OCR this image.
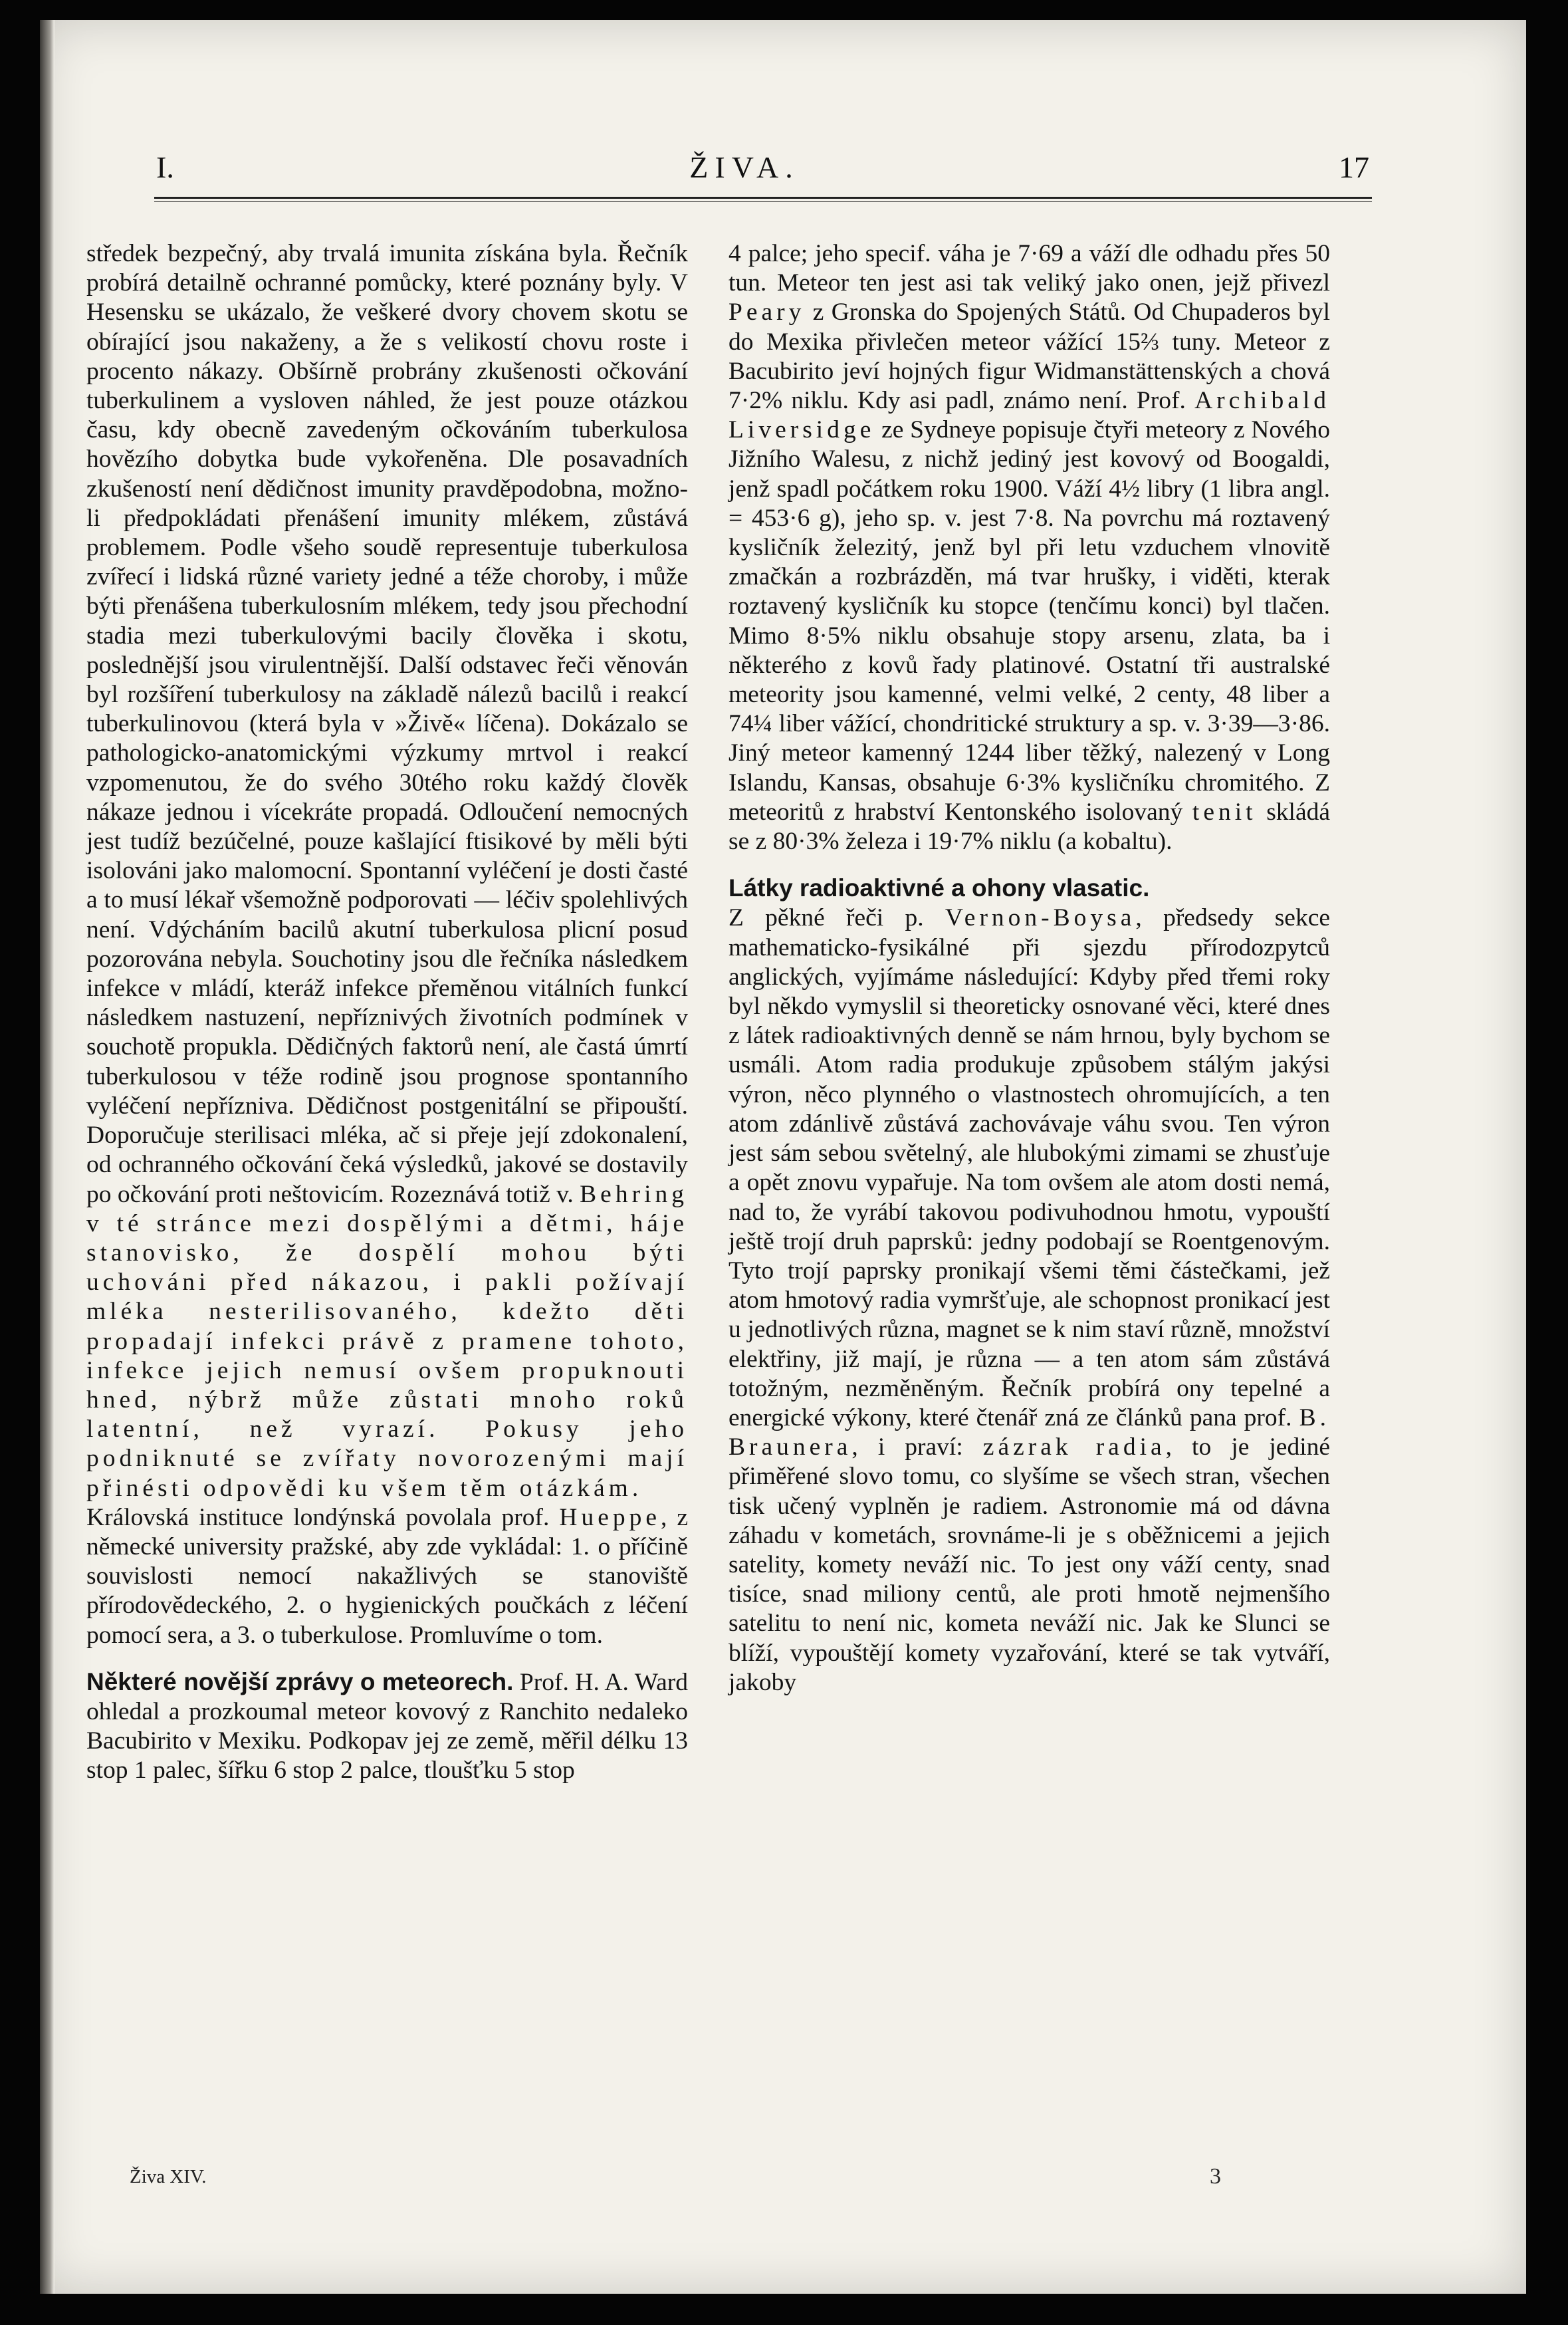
I.	ŽIVA.	17

středek bezpečný, aby trvalá imunita získána byla. Řečník probírá detailně ochranné pomůcky, které poznány byly. V Hesensku se ukázalo, že veškeré dvory chovem skotu se obírající jsou nakaženy, a že s velikostí chovu roste i procento nákazy. Obšírně probrány zkušenosti očkování tuberkulinem a vysloven náhled, že jest pouze otázkou času, kdy obecně zavedeným očkováním tuberkulosa hovězího dobytka bude vykořeněna. Dle posavadních zkušeností není dědičnost imunity pravděpodobna, možno-li předpokládati přenášení imunity mlékem, zůstává problemem. Podle všeho soudě representuje tuberkulosa zvířecí i lidská různé variety jedné a téže choroby, i může býti přenášena tuberkulosním mlékem, tedy jsou přechodní stadia mezi tuberkulovými bacily člověka i skotu, poslednější jsou virulentnější. Další odstavec řeči věnován byl rozšíření tuberkulosy na základě nálezů bacilů i reakcí tuberkulinovou (která byla v »Živě« líčena). Dokázalo se pathologicko-anatomickými výzkumy mrtvol i reakcí vzpomenutou, že do svého 30tého roku každý člověk nákaze jednou i vícekráte propadá. Odloučení nemocných jest tudíž bezúčelné, pouze kašlající ftisikové by měli býti isolováni jako malomocní. Spontanní vyléčení je dosti časté a to musí lékař všemožně podporovati — léčiv spolehlivých není. Vdýcháním bacilů akutní tuberkulosa plicní posud pozorována nebyla. Souchotiny jsou dle řečníka následkem infekce v mládí, kteráž infekce přeměnou vitálních funkcí následkem nastuzení, nepříznivých životních podmínek v souchotě propukla. Dědičných faktorů není, ale častá úmrtí tuberkulosou v téže rodině jsou prognose spontanního vyléčení nepřízniva. Dědičnost postgenitální se připouští. Doporučuje sterilisaci mléka, ač si přeje její zdokonalení, od ochranného očkování čeká výsledků, jakové se dostavily po očkování proti neštovicím. Rozeznává totiž v. Behring v té stránce mezi dospělými a dětmi, háje stanovisko, že dospělí mohou býti uchováni před nákazou, i pakli požívají mléka nesterilisovaného, kdežto děti propadají infekci právě z pramene tohoto, infekce jejich nemusí ovšem propuknouti hned, nýbrž může zůstati mnoho roků latentní, než vyrazí. Pokusy jeho podniknuté se zvířaty novorozenými mají přinésti odpovědi ku všem těm otázkám.

Královská instituce londýnská povolala prof. Hueppe, z německé university pražské, aby zde vykládal: 1. o příčině souvislosti nemocí nakažlivých se stanoviště přírodovědeckého, 2. o hygienických poučkách z léčení pomocí sera, a 3. o tuberkulose. Promluvíme o tom.

Některé novější zprávy o meteorech. Prof. H. A. Ward ohledal a prozkoumal meteor kovový z Ranchito nedaleko Bacubirito v Mexiku. Podkopav jej ze země, měřil délku 13 stop 1 palec, šířku 6 stop 2 palce, tloušťku 5 stop

4 palce; jeho specif. váha je 7·69 a váží dle odhadu přes 50 tun. Meteor ten jest asi tak veliký jako onen, jejž přivezl Peary z Gronska do Spojených Států. Od Chupaderos byl do Mexika přivlečen meteor vážící 15⅔ tuny. Meteor z Bacubirito jeví hojných figur Widmanstättenských a chová 7·2% niklu. Kdy asi padl, známo není. Prof. Archibald Liversidge ze Sydneye popisuje čtyři meteory z Nového Jižního Walesu, z nichž jediný jest kovový od Boogaldi, jenž spadl počátkem roku 1900. Váží 4½ libry (1 libra angl. = 453·6 g), jeho sp. v. jest 7·8. Na povrchu má roztavený kysličník železitý, jenž byl při letu vzduchem vlnovitě zmačkán a rozbrázděn, má tvar hrušky, i viděti, kterak roztavený kysličník ku stopce (tenčímu konci) byl tlačen. Mimo 8·5% niklu obsahuje stopy arsenu, zlata, ba i některého z kovů řady platinové. Ostatní tři australské meteority jsou kamenné, velmi velké, 2 centy, 48 liber a 74¼ liber vážící, chondritické struktury a sp. v. 3·39—3·86. Jiný meteor kamenný 1244 liber těžký, nalezený v Long Islandu, Kansas, obsahuje 6·3% kysličníku chromitého. Z meteoritů z hrabství Kentonského isolovaný tenit skládá se z 80·3% železa i 19·7% niklu (a kobaltu).

Látky radioaktivné a ohony vlasatic.
Z pěkné řeči p. Vernon-Boysa, předsedy sekce mathematicko-fysikálné při sjezdu přírodozpytců anglických, vyjímáme následující: Kdyby před třemi roky byl někdo vymyslil si theoreticky osnované věci, které dnes z látek radioaktivných denně se nám hrnou, byly bychom se usmáli. Atom radia produkuje způsobem stálým jakýsi výron, něco plynného o vlastnostech ohromujících, a ten atom zdánlivě zůstává zachovávaje váhu svou. Ten výron jest sám sebou světelný, ale hlubokými zimami se zhusťuje a opět znovu vypařuje. Na tom ovšem ale atom dosti nemá, nad to, že vyrábí takovou podivuhodnou hmotu, vypouští ještě trojí druh paprsků: jedny podobají se Roentgenovým. Tyto trojí paprsky pronikají všemi těmi částečkami, jež atom hmotový radia vymršťuje, ale schopnost pronikací jest u jednotlivých různa, magnet se k nim staví různě, množství elektřiny, již mají, je různa — a ten atom sám zůstává totožným, nezměněným. Řečník probírá ony tepelné a energické výkony, které čtenář zná ze článků pana prof. B. Braunera, i praví: zázrak radia, to je jediné přiměřené slovo tomu, co slyšíme se všech stran, všechen tisk učený vyplněn je radiem. Astronomie má od dávna záhadu v kometách, srovnáme-li je s oběžnicemi a jejich satelity, komety neváží nic. To jest ony váží centy, snad tisíce, snad miliony centů, ale proti hmotě nejmenšího satelitu to není nic, kometa neváží nic. Jak ke Slunci se blíží, vypouštějí komety vyzařování, které se tak vytváří, jakoby

Živa XIV.	3
